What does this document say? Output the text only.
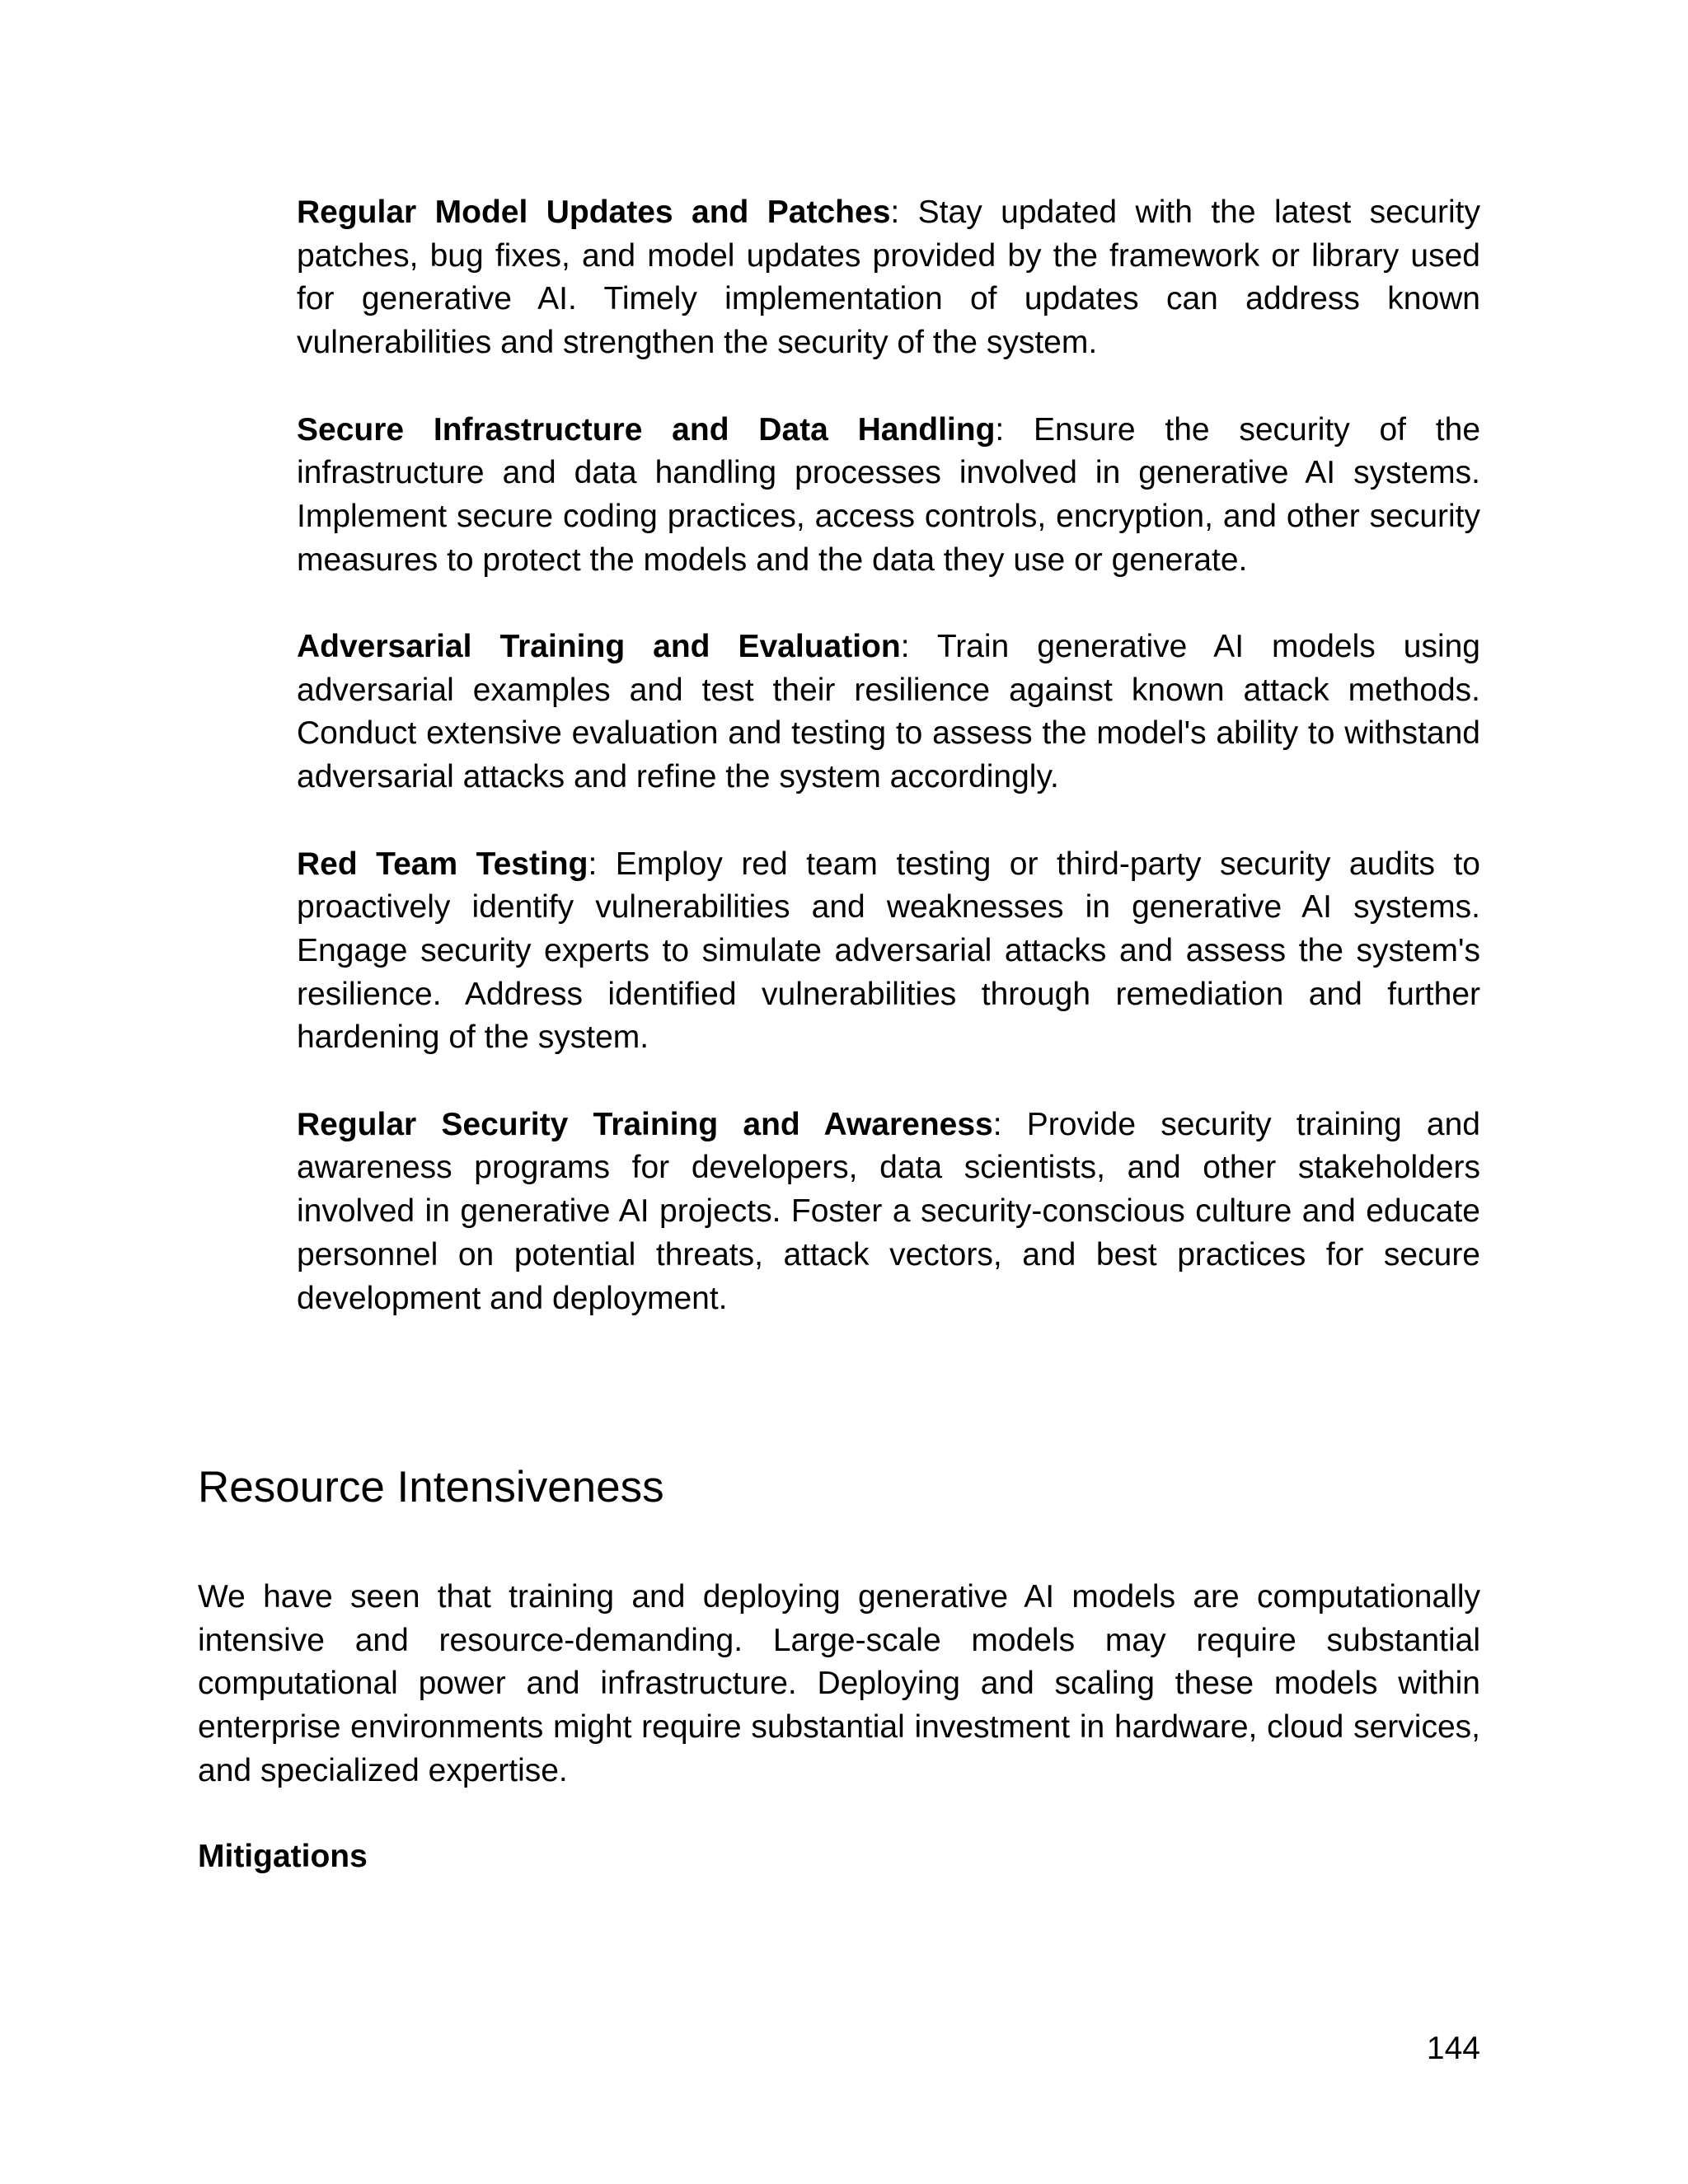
Regular Model Updates and Patches: Stay updated with the latest security patches, bug fixes, and model updates provided by the framework or library used for generative AI. Timely implementation of updates can address known vulnerabilities and strengthen the security of the system.

Secure Infrastructure and Data Handling: Ensure the security of the infrastructure and data handling processes involved in generative AI systems. Implement secure coding practices, access controls, encryption, and other security measures to protect the models and the data they use or generate.

Adversarial Training and Evaluation: Train generative AI models using adversarial examples and test their resilience against known attack methods. Conduct extensive evaluation and testing to assess the model's ability to withstand adversarial attacks and refine the system accordingly.

Red Team Testing: Employ red team testing or third-party security audits to proactively identify vulnerabilities and weaknesses in generative AI systems. Engage security experts to simulate adversarial attacks and assess the system's resilience. Address identified vulnerabilities through remediation and further hardening of the system.

Regular Security Training and Awareness: Provide security training and awareness programs for developers, data scientists, and other stakeholders involved in generative AI projects. Foster a security-conscious culture and educate personnel on potential threats, attack vectors, and best practices for secure development and deployment.

Resource Intensiveness

We have seen that training and deploying generative AI models are computationally intensive and resource-demanding. Large-scale models may require substantial computational power and infrastructure. Deploying and scaling these models within enterprise environments might require substantial investment in hardware, cloud services, and specialized expertise.

Mitigations

144
